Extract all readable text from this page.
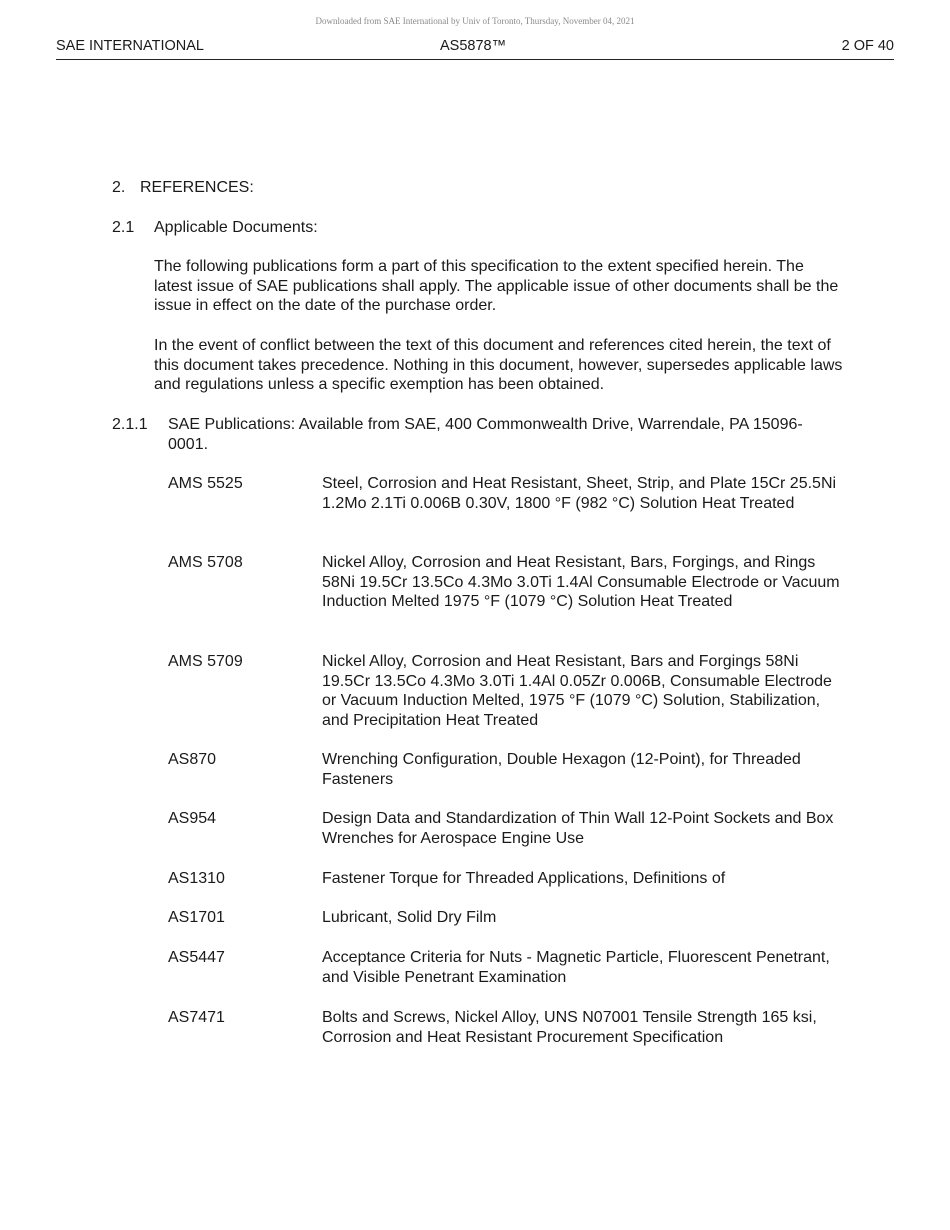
Downloaded from SAE International by Univ of Toronto, Thursday, November 04, 2021
SAE INTERNATIONAL	AS5878™	2 OF 40
2. REFERENCES:
2.1 Applicable Documents:

The following publications form a part of this specification to the extent specified herein. The latest issue of SAE publications shall apply. The applicable issue of other documents shall be the issue in effect on the date of the purchase order.

In the event of conflict between the text of this document and references cited herein, the text of this document takes precedence. Nothing in this document, however, supersedes applicable laws and regulations unless a specific exemption has been obtained.

2.1.1 SAE Publications: Available from SAE, 400 Commonwealth Drive, Warrendale, PA 15096-0001.

AMS 5525	Steel, Corrosion and Heat Resistant, Sheet, Strip, and Plate 15Cr 25.5Ni 1.2Mo 2.1Ti 0.006B 0.30V, 1800 °F (982 °C) Solution Heat Treated
AMS 5708	Nickel Alloy, Corrosion and Heat Resistant, Bars, Forgings, and Rings 58Ni 19.5Cr 13.5Co 4.3Mo 3.0Ti 1.4Al Consumable Electrode or Vacuum Induction Melted 1975 °F (1079 °C) Solution Heat Treated
AMS 5709	Nickel Alloy, Corrosion and Heat Resistant, Bars and Forgings 58Ni 19.5Cr 13.5Co 4.3Mo 3.0Ti 1.4Al 0.05Zr 0.006B, Consumable Electrode or Vacuum Induction Melted, 1975 °F (1079 °C) Solution, Stabilization, and Precipitation Heat Treated
AS870	Wrenching Configuration, Double Hexagon (12-Point), for Threaded Fasteners
AS954	Design Data and Standardization of Thin Wall 12-Point Sockets and Box Wrenches for Aerospace Engine Use
AS1310	Fastener Torque for Threaded Applications, Definitions of
AS1701	Lubricant, Solid Dry Film
AS5447	Acceptance Criteria for Nuts - Magnetic Particle, Fluorescent Penetrant, and Visible Penetrant Examination
AS7471	Bolts and Screws, Nickel Alloy, UNS N07001 Tensile Strength 165 ksi, Corrosion and Heat Resistant Procurement Specification
